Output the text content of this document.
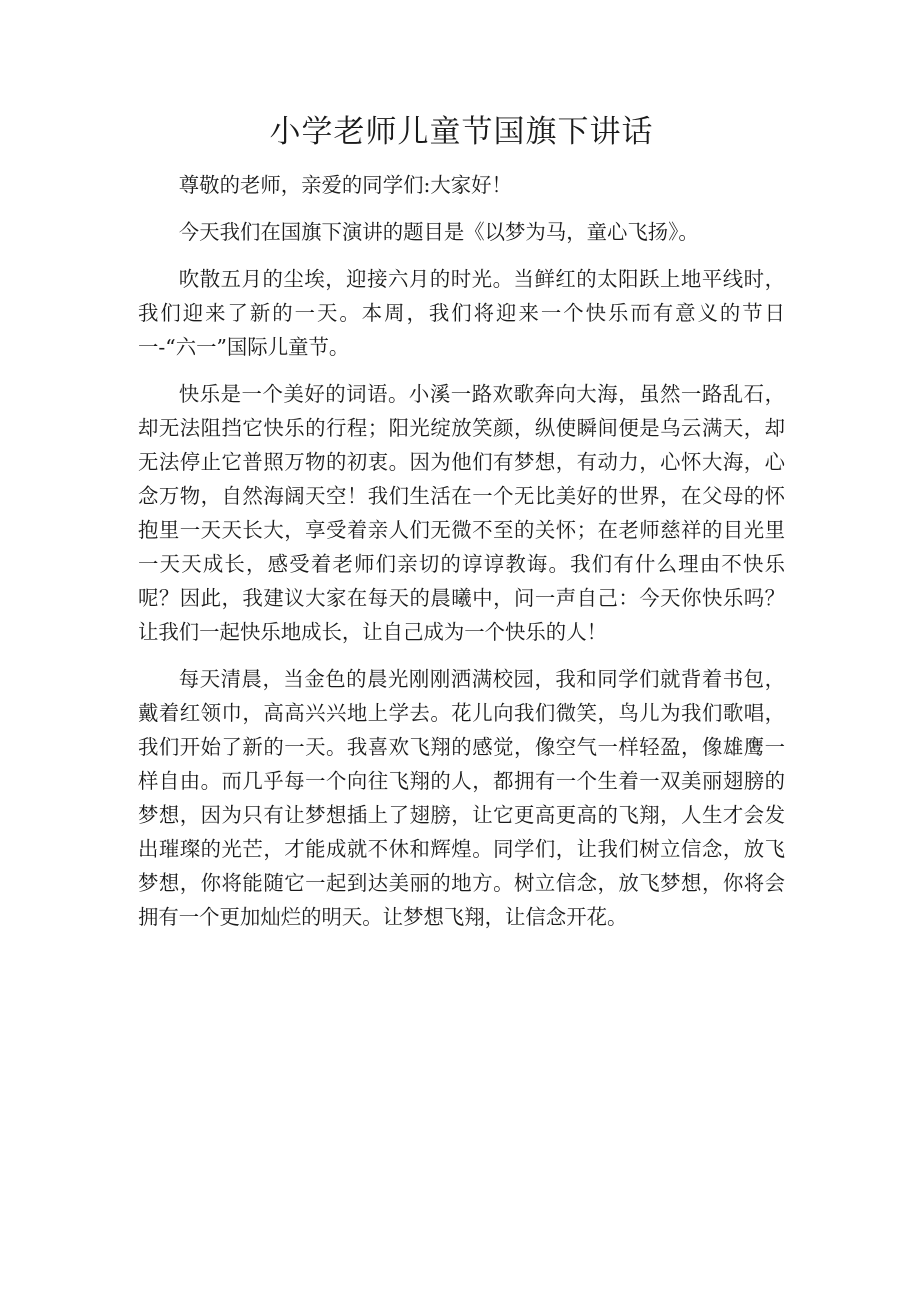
小学老师儿童节国旗下讲话

尊敬的老师，亲爱的同学们:大家好！

今天我们在国旗下演讲的题目是《以梦为马，童心飞扬》。

吹散五月的尘埃，迎接六月的时光。当鲜红的太阳跃上地平线时，我们迎来了新的一天。本周，我们将迎来一个快乐而有意义的节日一-“六一”国际儿童节。

快乐是一个美好的词语。小溪一路欢歌奔向大海，虽然一路乱石，却无法阻挡它快乐的行程；阳光绽放笑颜，纵使瞬间便是乌云满天，却无法停止它普照万物的初衷。因为他们有梦想，有动力，心怀大海，心念万物，自然海阔天空！我们生活在一个无比美好的世界，在父母的怀抱里一天天长大，享受着亲人们无微不至的关怀；在老师慈祥的目光里一天天成长，感受着老师们亲切的谆谆教诲。我们有什么理由不快乐呢？因此，我建议大家在每天的晨曦中，问一声自己：今天你快乐吗？让我们一起快乐地成长，让自己成为一个快乐的人！

每天清晨，当金色的晨光刚刚洒满校园，我和同学们就背着书包，戴着红领巾，高高兴兴地上学去。花儿向我们微笑，鸟儿为我们歌唱，我们开始了新的一天。我喜欢飞翔的感觉，像空气一样轻盈，像雄鹰一样自由。而几乎每一个向往飞翔的人，都拥有一个生着一双美丽翅膀的梦想，因为只有让梦想插上了翅膀，让它更高更高的飞翔，人生才会发出璀璨的光芒，才能成就不休和辉煌。同学们，让我们树立信念，放飞梦想，你将能随它一起到达美丽的地方。树立信念，放飞梦想，你将会拥有一个更加灿烂的明天。让梦想飞翔，让信念开花。
